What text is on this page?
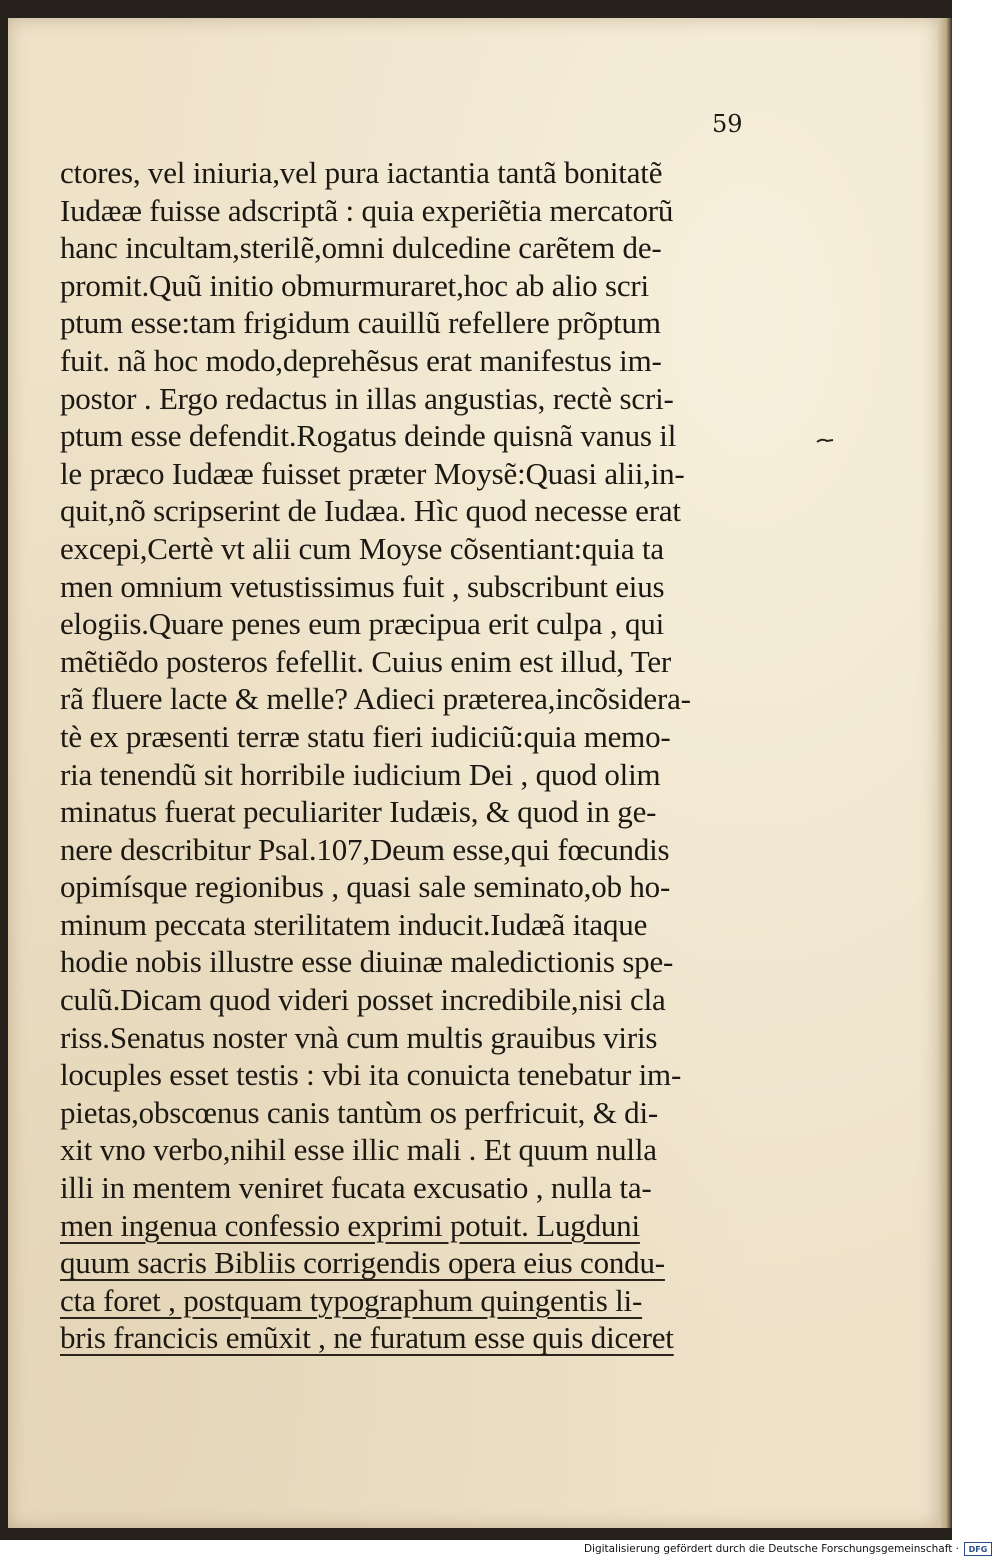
59
ctores, vel iniuria,vel pura iactantia tantã bonitatẽ
Iudææ fuisse adscriptã : quia experiẽtia mercatorũ
hanc incultam,sterilẽ,omni dulcedine carẽtem de-
promit.Quũ initio obmurmuraret,hoc ab alio scri
ptum esse:tam frigidum cauillũ refellere prõptum
fuit. nã hoc modo,deprehẽsus erat manifestus im-
postor . Ergo redactus in illas angustias, rectè scri-
ptum esse defendit.Rogatus deinde quisnã vanus il
le præco Iudææ fuisset præter Moysẽ:Quasi alii,in-
quit,nõ scripserint de Iudæa. Hìc quod necesse erat
excepi,Certè vt alii cum Moyse cõsentiant:quia ta
men omnium vetustissimus fuit , subscribunt eius
elogiis.Quare penes eum præcipua erit culpa , qui
mẽtiẽdo posteros fefellit. Cuius enim est illud, Ter
rã fluere lacte & melle? Adieci præterea,incõsidera-
tè ex præsenti terræ statu fieri iudiciũ:quia memo-
ria tenendũ sit horribile iudicium Dei , quod olim
minatus fuerat peculiariter Iudæis, & quod in ge-
nere describitur Psal.107,Deum esse,qui fœcundis
opimísque regionibus , quasi sale seminato,ob ho-
minum peccata sterilitatem inducit.Iudæã itaque
hodie nobis illustre esse diuinæ maledictionis spe-
culũ.Dicam quod videri posset incredibile,nisi cla
riss.Senatus noster vnà cum multis grauibus viris
locuples esset testis : vbi ita conuicta tenebatur im-
pietas,obscœnus canis tantùm os perfricuit, & di-
xit vno verbo,nihil esse illic mali . Et quum nulla
illi in mentem veniret fucata excusatio , nulla ta-
men ingenua confessio exprimi potuit. Lugduni
quum sacris Bibliis corrigendis opera eius condu-
cta foret , postquam typographum quingentis li-
bris francicis emũxit , ne furatum esse quis diceret
Digitalisierung gefördert durch die Deutsche Forschungsgemeinschaft ·	DFG
